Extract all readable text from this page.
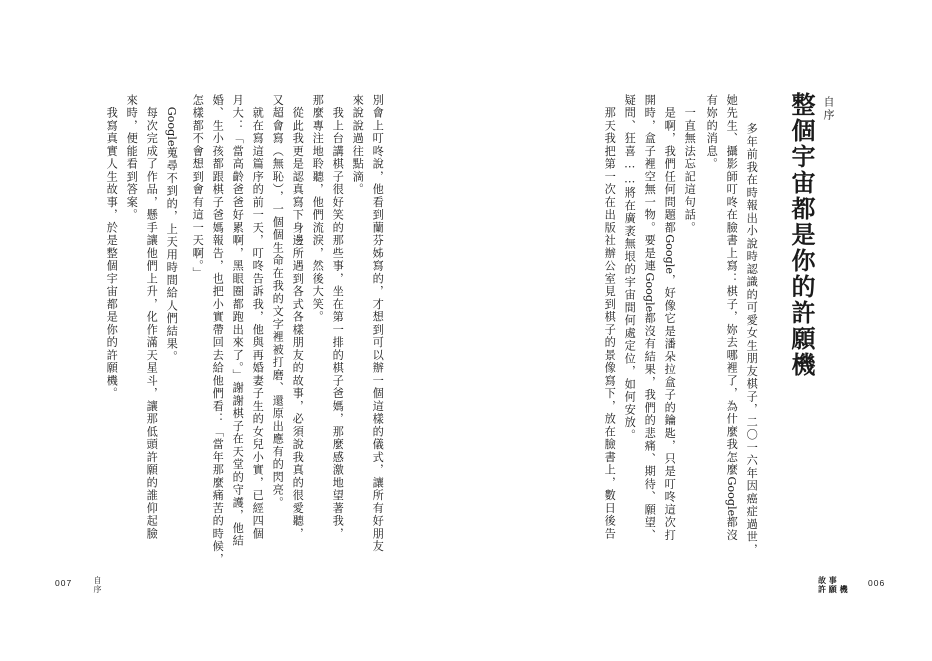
別會上叮咚說，他看到蘭芬姊寫的，才想到可以辦一個這樣的儀式，讓所有好朋友
來說說過往點滴。
　我上台講棋子很好笑的那些事，坐在第一排的棋子爸媽，那麼感激地望著我，
那麼專注地聆聽，他們流淚，然後大笑。
　從此我更是認真寫下身邊所遇到各式各樣朋友的故事，必須說我真的很愛聽，
又超會寫（無恥），一個個生命在我的文字裡被打磨、還原出應有的閃亮。
　就在寫這篇序的前一天，叮咚告訴我，他與再婚妻子生的女兒小實，已經四個
月大：「當高齡爸爸好累啊，黑眼圈都跑出來了。」謝謝棋子在天堂的守護，他結
婚、生小孩都跟棋子爸媽報告，也把小實帶回去給他們看：「當年那麼痛苦的時候，
怎樣都不會想到會有這一天啊。」
　Google蒐尋不到的，上天用時間給人們結果。
　每次完成了作品，懸手讓他們上升，化作滿天星斗，讓那低頭許願的誰仰起臉
來時，便能看到答案。
　我寫真實人生故事，於是整個宇宙都是你的許願機。
007	自序
自序
整個宇宙都是你的許願機
　多年前我在時報出小說時認識的可愛女生朋友棋子，二〇一六年因癌症過世，
她先生、攝影師叮咚在臉書上寫：棋子，妳去哪裡了，為什麼我怎麼Google都沒
有妳的消息。
　一直無法忘記這句話。
　是啊，我們任何問題都Google，好像它是潘朵拉盒子的鑰匙，只是叮咚這次打
開時，盒子裡空無一物。要是連Google都沒有結果，我們的悲痛、期待、願望、
疑問、狂喜……將在廣袤無垠的宇宙間何處定位，如何安放。
　那天我把第一次在出版社辦公室見到棋子的景像寫下，放在臉書上，數日後告
故 事
許 願 機
006
